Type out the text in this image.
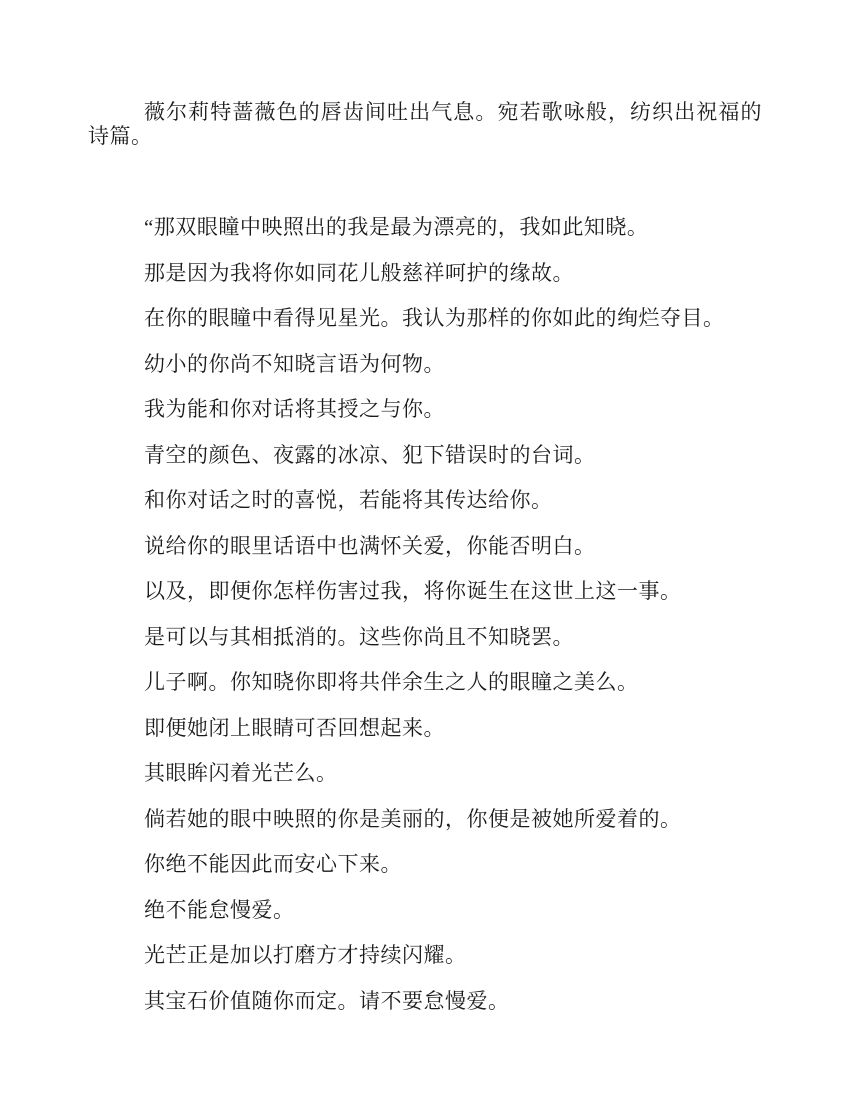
薇尔莉特蔷薇色的唇齿间吐出气息。宛若歌咏般，纺织出祝福的诗篇。

“那双眼瞳中映照出的我是最为漂亮的，我如此知晓。

那是因为我将你如同花儿般慈祥呵护的缘故。

在你的眼瞳中看得见星光。我认为那样的你如此的绚烂夺目。

幼小的你尚不知晓言语为何物。

我为能和你对话将其授之与你。

青空的颜色、夜露的冰凉、犯下错误时的台词。

和你对话之时的喜悦，若能将其传达给你。

说给你的眼里话语中也满怀关爱，你能否明白。

以及，即便你怎样伤害过我，将你诞生在这世上这一事。

是可以与其相抵消的。这些你尚且不知晓罢。

儿子啊。你知晓你即将共伴余生之人的眼瞳之美么。

即便她闭上眼睛可否回想起来。

其眼眸闪着光芒么。

倘若她的眼中映照的你是美丽的，你便是被她所爱着的。

你绝不能因此而安心下来。

绝不能怠慢爱。

光芒正是加以打磨方才持续闪耀。

其宝石价值随你而定。请不要怠慢爱。
